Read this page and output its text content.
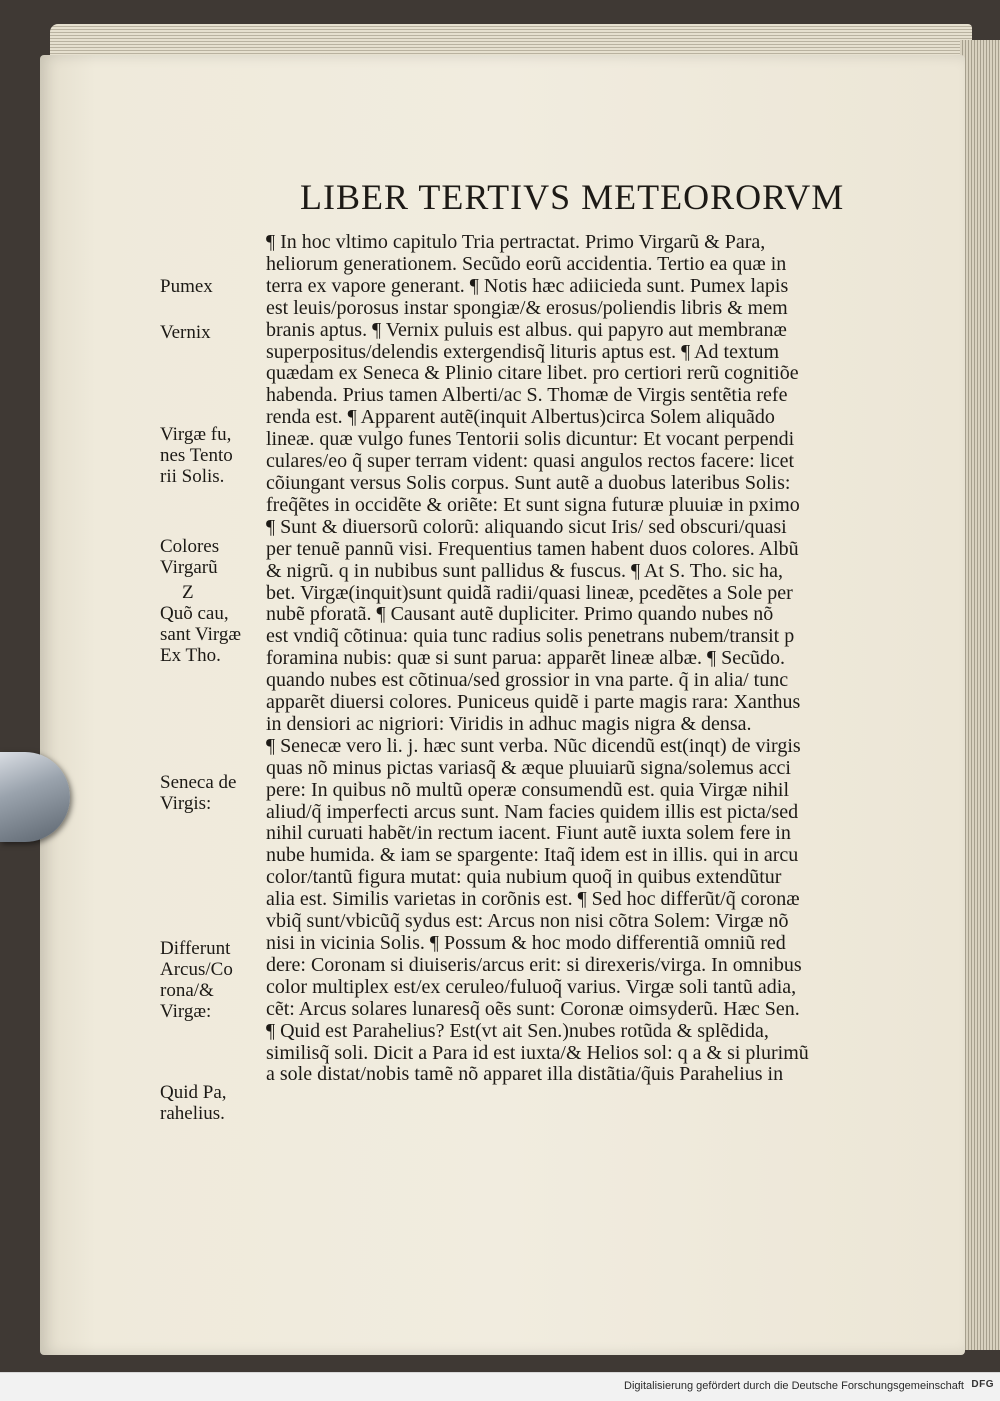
LIBER TERTIVS METEORORVM
Pumex
Vernix
Virgæ fu,
nes Tento
rii Solis.
Colores
Virgarũ
Z
Quõ cau,
sant Virgæ
Ex Tho.
Seneca de
Virgis:
Differunt
Arcus/Co
rona/&
Virgæ:
Quid Pa,
rahelius.
¶ In hoc vltimo capitulo Tria pertractat. Primo Virgarũ & Para,
heliorum generationem. Secũdo eorũ accidentia. Tertio ea quæ in
terra ex vapore generant. ¶ Notis hæc adiicieda sunt. Pumex lapis
est leuis/porosus instar spongiæ/& erosus/poliendis libris & mem
branis aptus. ¶ Vernix puluis est albus. qui papyro aut membranæ
superpositus/delendis extergendisq̃ lituris aptus est. ¶ Ad textum
quædam ex Seneca & Plinio citare libet. pro certiori rerũ cognitiõe
habenda. Prius tamen Alberti/ac S. Thomæ de Virgis sentẽtia refe
renda est. ¶ Apparent autẽ(inquit Albertus)circa Solem aliquãdo
lineæ. quæ vulgo funes Tentorii solis dicuntur: Et vocant perpendi
culares/eo q̃ super terram vident: quasi angulos rectos facere: licet
cõiungant versus Solis corpus. Sunt autẽ a duobus lateribus Solis:
freq̃ẽtes in occidẽte & oriẽte: Et sunt signa futuræ pluuiæ in pximo
¶ Sunt & diuersorũ colorũ: aliquando sicut Iris/ sed obscuri/quasi
per tenuẽ pannũ visi. Frequentius tamen habent duos colores. Albũ
& nigrũ. q in nubibus sunt pallidus & fuscus. ¶ At S. Tho. sic ha,
bet. Virgæ(inquit)sunt quidã radii/quasi lineæ, pcedẽtes a Sole per
nubẽ pforatã. ¶ Causant autẽ dupliciter. Primo quando nubes nõ
est vndiq̃ cõtinua: quia tunc radius solis penetrans nubem/transit p
foramina nubis: quæ si sunt parua: apparẽt lineæ albæ. ¶ Secũdo.
quando nubes est cõtinua/sed grossior in vna parte. q̃ in alia/ tunc
apparẽt diuersi colores. Puniceus quidẽ i parte magis rara: Xanthus
in densiori ac nigriori: Viridis in adhuc magis nigra & densa.
¶ Senecæ vero li. j. hæc sunt verba. Nũc dicendũ est(inqt) de virgis
quas nõ minus pictas variasq̃ & æque pluuiarũ signa/solemus acci
pere: In quibus nõ multũ operæ consumendũ est. quia Virgæ nihil
aliud/q̃ imperfecti arcus sunt. Nam facies quidem illis est picta/sed
nihil curuati habẽt/in rectum iacent. Fiunt autẽ iuxta solem fere in
nube humida. & iam se spargente: Itaq̃ idem est in illis. qui in arcu
color/tantũ figura mutat: quia nubium quoq̃ in quibus extendũtur
alia est. Similis varietas in corõnis est. ¶ Sed hoc differũt/q̃ coronæ
vbiq̃ sunt/vbicũq̃ sydus est: Arcus non nisi cõtra Solem: Virgæ nõ
nisi in vicinia Solis. ¶ Possum & hoc modo differentiã omniũ red
dere: Coronam si diuiseris/arcus erit: si direxeris/virga. In omnibus
color multiplex est/ex ceruleo/fuluoq̃ varius. Virgæ soli tantũ adia,
cẽt: Arcus solares lunaresq̃ oẽs sunt: Coronæ oimsyderũ. Hæc Sen.
¶ Quid est Parahelius? Est(vt ait Sen.)nubes rotũda & splẽdida,
similisq̃ soli. Dicit a Para id est iuxta/& Helios sol: q a & si plurimũ
a sole distat/nobis tamẽ nõ apparet illa distãtia/q̃uis Parahelius in
Digitalisierung gefördert durch die Deutsche Forschungsgemeinschaft DFG
